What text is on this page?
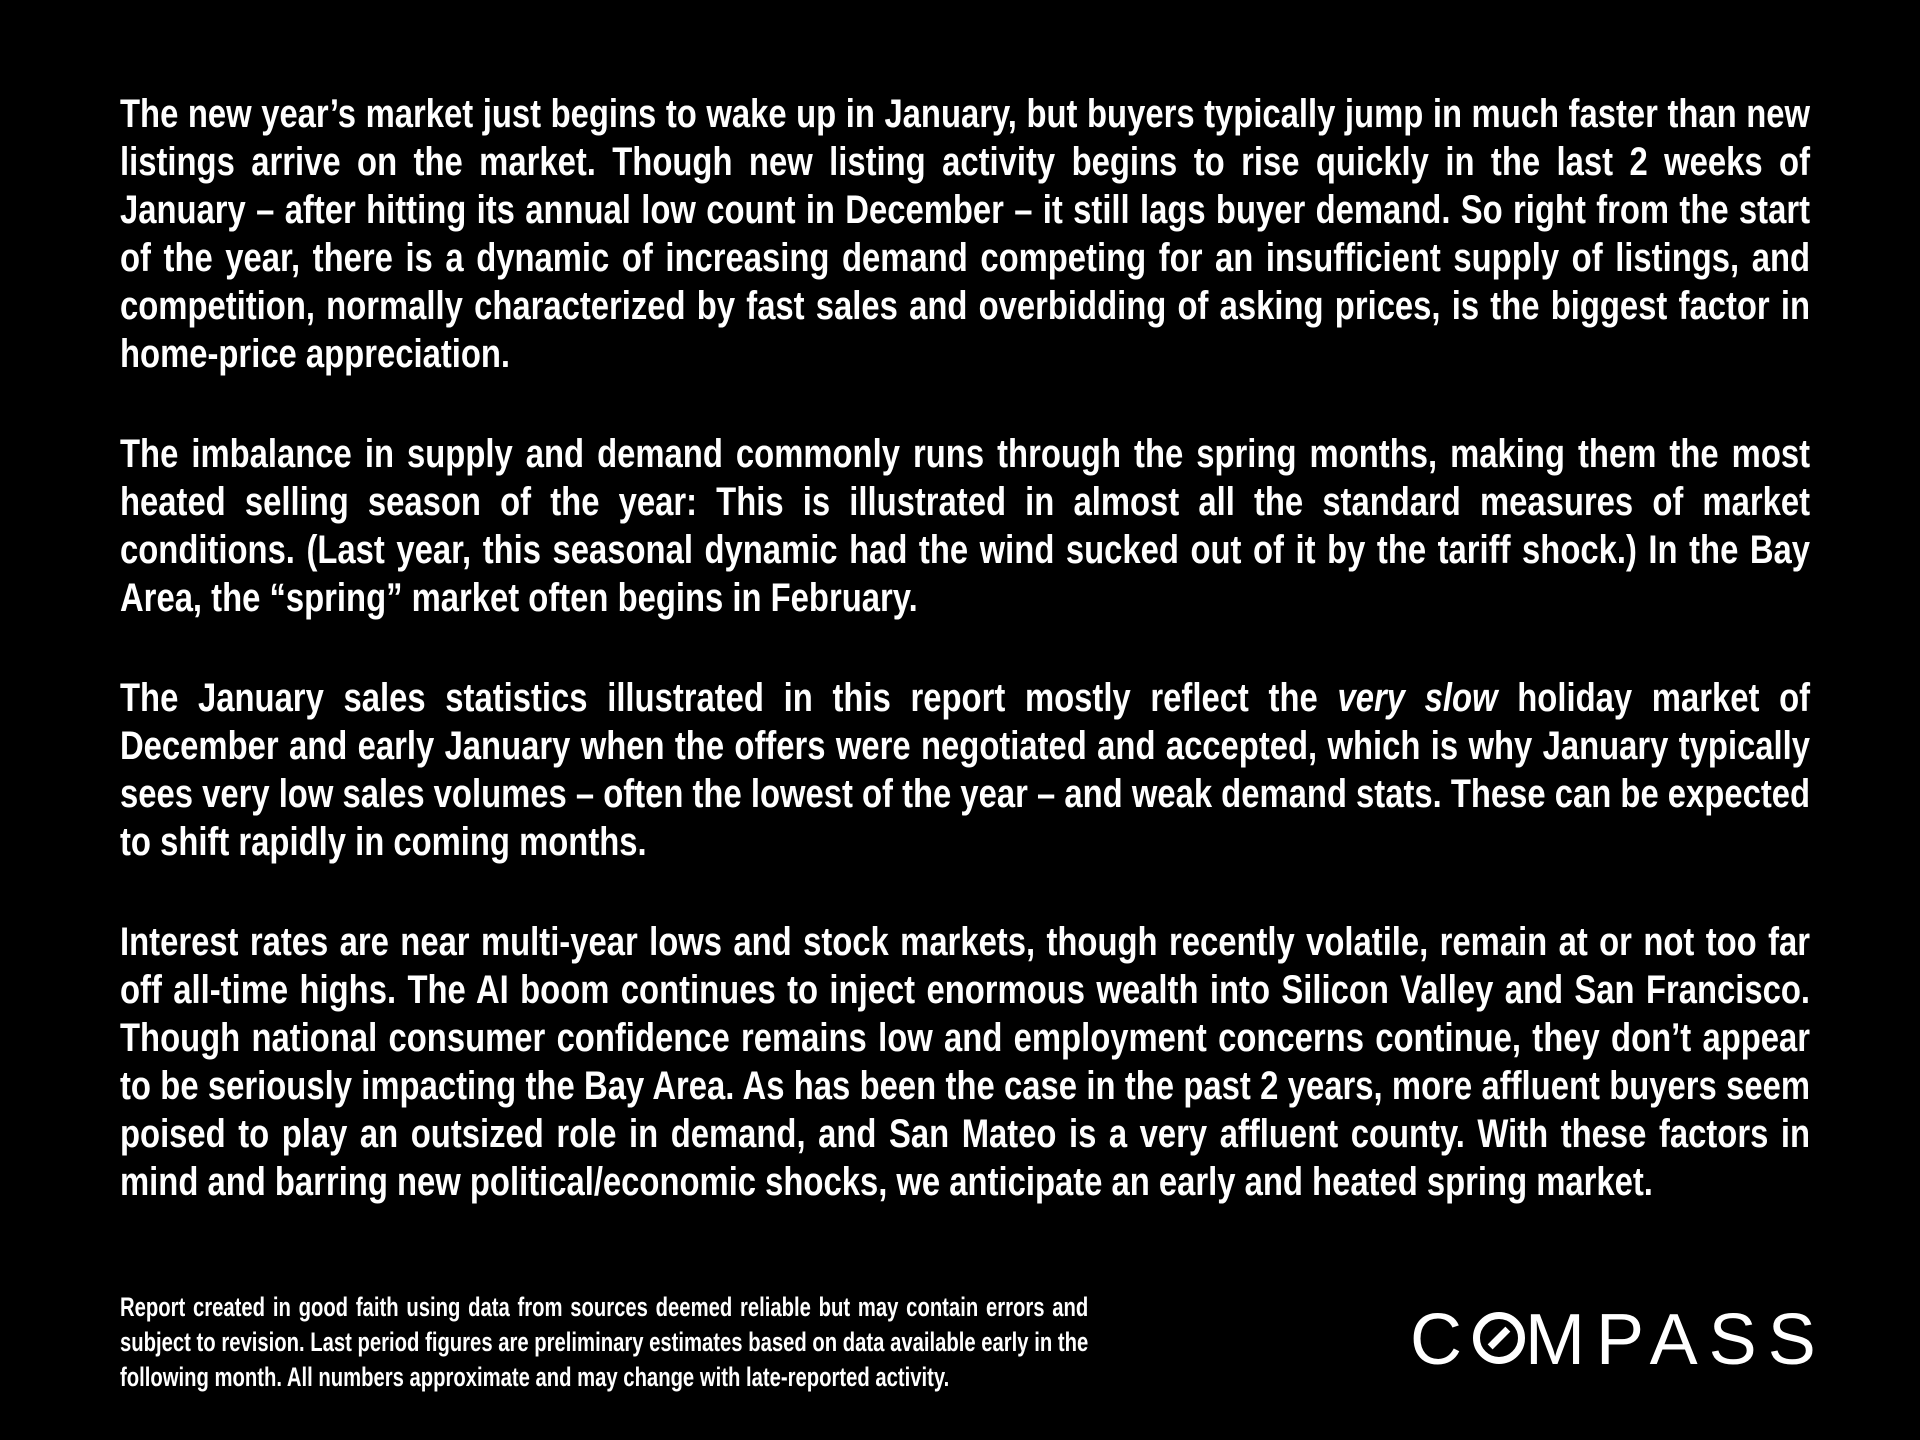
The new year’s market just begins to wake up in January, but buyers typically jump in much faster than new listings arrive on the market. Though new listing activity begins to rise quickly in the last 2 weeks of January – after hitting its annual low count in December – it still lags buyer demand. So right from the start of the year, there is a dynamic of increasing demand competing for an insufficient supply of listings, and competition, normally characterized by fast sales and overbidding of asking prices, is the biggest factor in home-price appreciation.

The imbalance in supply and demand commonly runs through the spring months, making them the most heated selling season of the year: This is illustrated in almost all the standard measures of market conditions. (Last year, this seasonal dynamic had the wind sucked out of it by the tariff shock.) In the Bay Area, the “spring” market often begins in February.

The January sales statistics illustrated in this report mostly reflect the very slow holiday market of December and early January when the offers were negotiated and accepted, which is why January typically sees very low sales volumes – often the lowest of the year – and weak demand stats. These can be expected to shift rapidly in coming months.

Interest rates are near multi-year lows and stock markets, though recently volatile, remain at or not too far off all-time highs. The AI boom continues to inject enormous wealth into Silicon Valley and San Francisco. Though national consumer confidence remains low and employment concerns continue, they don’t appear to be seriously impacting the Bay Area. As has been the case in the past 2 years, more affluent buyers seem poised to play an outsized role in demand, and San Mateo is a very affluent county. With these factors in mind and barring new political/economic shocks, we anticipate an early and heated spring market.

Report created in good faith using data from sources deemed reliable but may contain errors and subject to revision. Last period figures are preliminary estimates based on data available early in the following month. All numbers approximate and may change with late-reported activity.	C MPASS
